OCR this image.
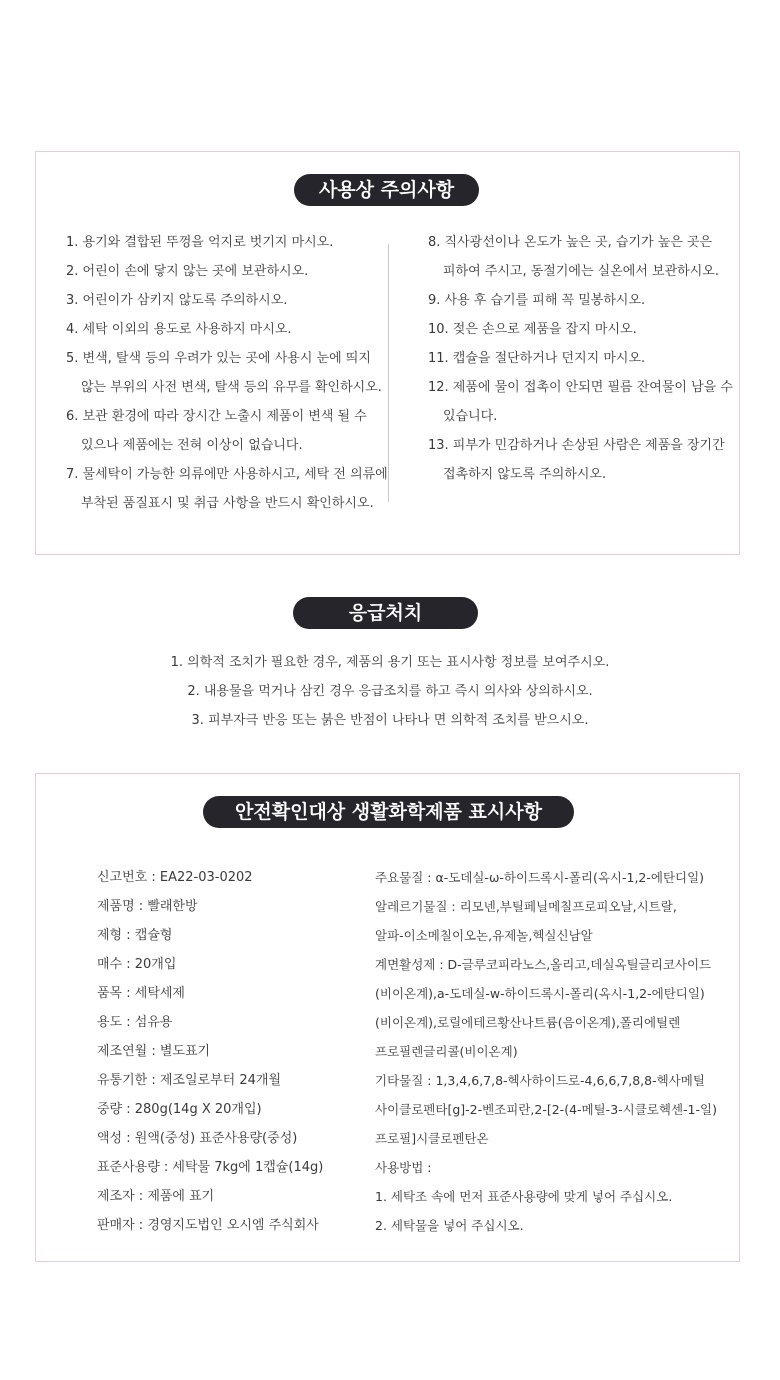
사용상 주의사항
1. 용기와 결합된 뚜껑을 억지로 벗기지 마시오.
2. 어린이 손에 닿지 않는 곳에 보관하시오.
3. 어린이가 삼키지 않도록 주의하시오.
4. 세탁 이외의 용도로 사용하지 마시오.
5. 변색, 탈색 등의 우려가 있는 곳에 사용시 눈에 띄지
않는 부위의 사전 변색, 탈색 등의 유무를 확인하시오.
6. 보관 환경에 따라 장시간 노출시 제품이 변색 될 수
있으나 제품에는 전혀 이상이 없습니다.
7. 물세탁이 가능한 의류에만 사용하시고, 세탁 전 의류에
부착된 품질표시 및 취급 사항을 반드시 확인하시오.
8. 직사광선이나 온도가 높은 곳, 습기가 높은 곳은
피하여 주시고, 동절기에는 실온에서 보관하시오.
9. 사용 후 습기를 피해 꼭 밀봉하시오.
10. 젖은 손으로 제품을 잡지 마시오.
11. 캡슐을 절단하거나 던지지 마시오.
12. 제품에 물이 접촉이 안되면 필름 잔여물이 남을 수
있습니다.
13. 피부가 민감하거나 손상된 사람은 제품을 장기간
접촉하지 않도록 주의하시오.
응급처치
1. 의학적 조치가 필요한 경우, 제품의 용기 또는 표시사항 정보를 보여주시오.
2. 내용물을 먹거나 삼킨 경우 응급조치를 하고 즉시 의사와 상의하시오.
3. 피부자극 반응 또는 붉은 반점이 나타나 면 의학적 조치를 받으시오.
안전확인대상 생활화학제품 표시사항
신고번호 : EA22-03-0202
제품명 : 빨래한방
제형 : 캡슐형
매수 : 20개입
품목 : 세탁세제
용도 : 섬유용
제조연월 : 별도표기
유통기한 : 제조일로부터 24개월
중량 : 280g(14g X 20개입)
액성 : 원액(중성) 표준사용량(중성)
표준사용량 : 세탁물 7kg에 1캡슐(14g)
제조자 : 제품에 표기
판매자 : 경영지도법인 오시엠 주식회사
주요물질 : α-도데실-ω-하이드록시-폴리(옥시-1,2-에탄디일)
알레르기물질 : 리모넨,부틸페닐메칠프로피오날,시트랄,
알파-이소메칠이오논,유제놀,헥실신남알
계면활성제 : D-글루코피라노스,올리고,데실옥틸글리코사이드
(비이온계),a-도데실-w-하이드록시-폴리(옥시-1,2-에탄디일)
(비이온계),로릴에테르황산나트륨(음이온계),폴리에틸렌
프로필렌글리콜(비이온계)
기타물질 : 1,3,4,6,7,8-헥사하이드로-4,6,6,7,8,8-헥사메틸
사이클로펜타[g]-2-벤조피란,2-[2-(4-메틸-3-시클로헥센-1-일)
프로필]시클로펜탄온
사용방법 :
1. 세탁조 속에 먼저 표준사용량에 맞게 넣어 주십시오.
2. 세탁물을 넣어 주십시오.
